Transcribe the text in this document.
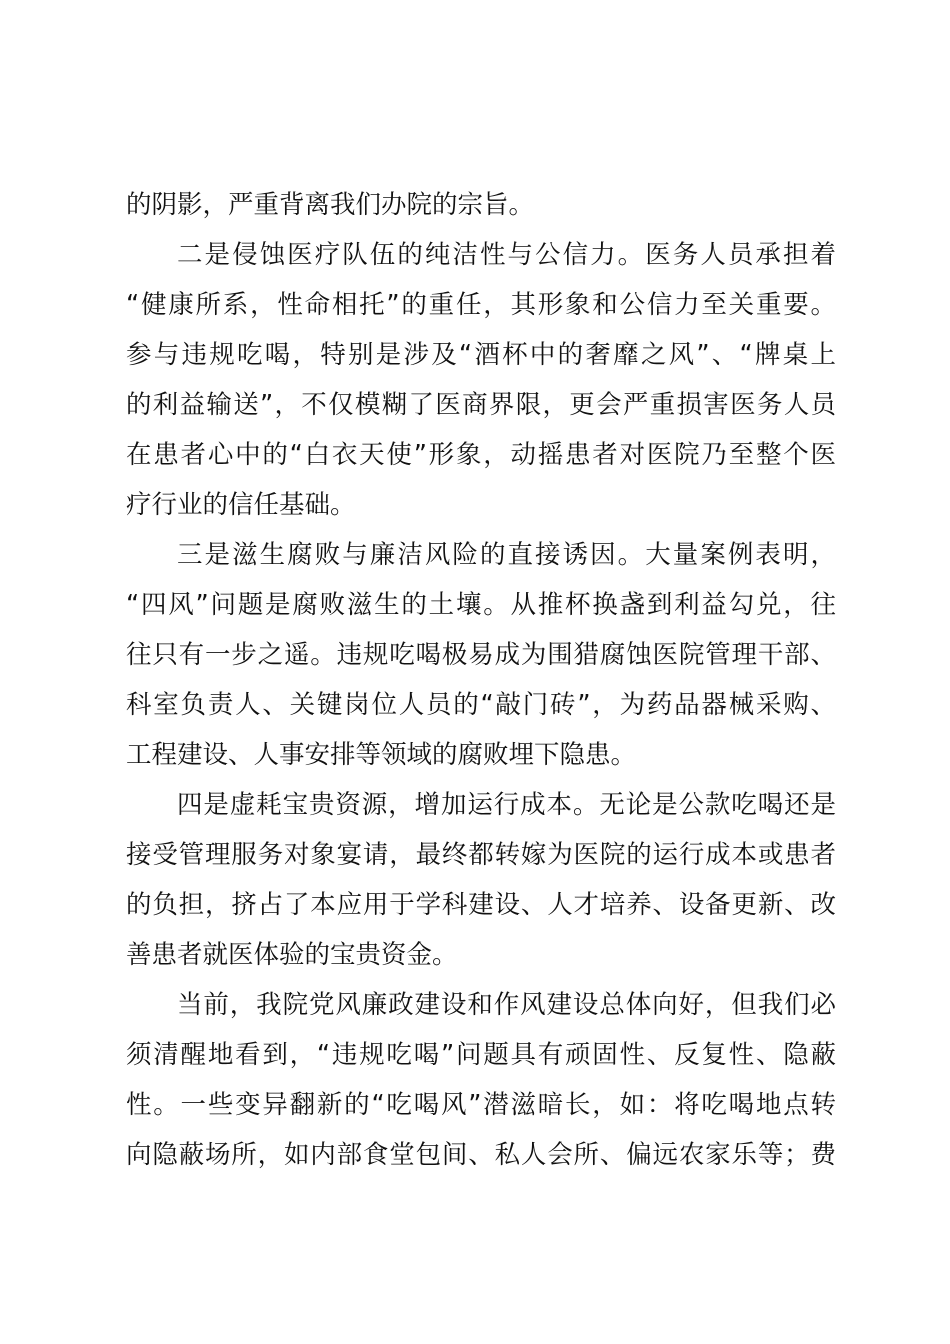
的阴影，严重背离我们办院的宗旨。
二是侵蚀医疗队伍的纯洁性与公信力。医务人员承担着
“健康所系，性命相托”的重任，其形象和公信力至关重要。
参与违规吃喝，特别是涉及“酒杯中的奢靡之风”、“牌桌上
的利益输送”，不仅模糊了医商界限，更会严重损害医务人员
在患者心中的“白衣天使”形象，动摇患者对医院乃至整个医
疗行业的信任基础。
三是滋生腐败与廉洁风险的直接诱因。大量案例表明，
“四风”问题是腐败滋生的土壤。从推杯换盏到利益勾兑，往
往只有一步之遥。违规吃喝极易成为围猎腐蚀医院管理干部、
科室负责人、关键岗位人员的“敲门砖”，为药品器械采购、
工程建设、人事安排等领域的腐败埋下隐患。
四是虚耗宝贵资源，增加运行成本。无论是公款吃喝还是
接受管理服务对象宴请，最终都转嫁为医院的运行成本或患者
的负担，挤占了本应用于学科建设、人才培养、设备更新、改
善患者就医体验的宝贵资金。
当前，我院党风廉政建设和作风建设总体向好，但我们必
须清醒地看到，“违规吃喝”问题具有顽固性、反复性、隐蔽
性。一些变异翻新的“吃喝风”潜滋暗长，如：将吃喝地点转
向隐蔽场所，如内部食堂包间、私人会所、偏远农家乐等；费
